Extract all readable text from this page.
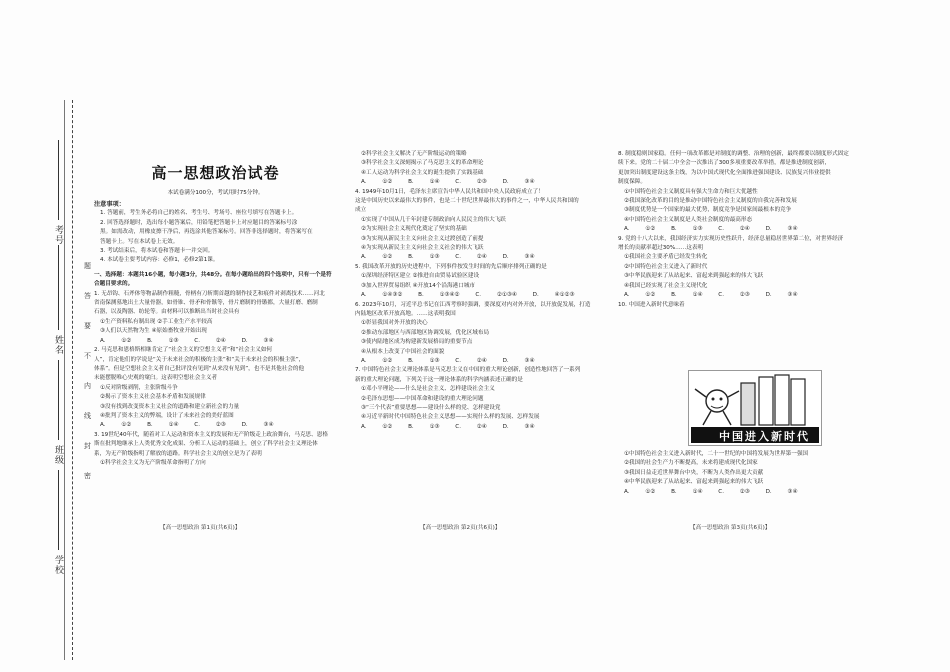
考号
姓名
班级
学校
题
答
要
不
内
线
封
密
高一思想政治试卷
本试卷满分100分，考试用时75分钟。

注意事项：

1. 答题前，考生务必将自己的姓名、考生号、考场号、座位号填写在答题卡上。

2. 回答选择题时，选出每小题答案后，用铅笔把答题卡上对应题目的答案标号涂

黑。如需改动，用橡皮擦干净后，再选涂其他答案标号。回答非选择题时，将答案写在

答题卡上。写在本试卷上无效。

3. 考试结束后，将本试卷和答题卡一并交回。

4. 本试卷主要考试内容：必修1，必修2第1课。

一、选择题：本题共16小题，每小题3分，共48分。在每小题给出的四个选项中，只有一个是符

合题目要求的。

1. 无昂钩、石斧体等物品制作粗糙，骨柄有刀斩期首越的制作技艺和痕件对剥离技术……河北

省南保测墓地出土大量骨器，如骨锥、骨矛和骨镞等，骨片磨制的骨镞都，大量打磨、磨制

石器，以及陶器、纺轮等。由材料可以推断出当时社会具有

①生产资料私有制出现 ②手工业生产水平较高

③人们以天然物为生 ④原始畜牧业开始出现

A. ①② B. ①③ C. ②④ D. ③④

2. 马克思和恩格斯相继肯定了“社会主义的空想主义者”和“社会主义如何

人”，肯定他们的学说是“关于未来社会的积极的主张”和“关于未来社会的积极主张”，

体系”。但是空想社会主义者自己批评没有见到“从来没有见到”，也不是其他社会的他

未能摆脱唯心史观的窠臼。这表明空想社会主义者

①反对阶级剥削，主张阶级斗争

②揭示了资本主义社会基本矛盾和发展规律

③没有找到改变资本主义社会的道路和建立新社会的力量

④批判了资本主义的弊端，设计了未来社会的美好蓝图

A. ①② B. ①④ C. ②③ D. ③④

3. 19世纪40年代，随着对工人运动和资本主义的发展和无产阶级走上政治舞台，马克思、恩格

斯在批判地继承上人类优秀文化成果、分析工人运动的基础上，创立了科学社会主义理论体

系，为无产阶级指明了解放的道路。科学社会主义的创立是为了表明

①科学社会主义为无产阶级革命指明了方向

【高一思想政治 第1页(共6页)】

②科学社会主义解决了无产阶级运动的策略

③科学社会主义深刻揭示了马克思主义的革命理论

④工人运动为科学社会主义的诞生提供了实践基础

A. ①② B. ①④ C. ②③ D. ③④

4. 1949年10月1日，毛泽东主席宣告中华人民共和国中央人民政府成立了！

这是中国历史以来最伟大的事件，也是二十世纪世界最伟大的事件之一，中华人民共和国的

成立

①实现了中国从几千年封建专制政治向人民民主的伟大飞跃

②为实现社会主义现代化奠定了坚实的基础

③为实现从新民主主义向社会主义过渡创造了前提

④为实现从新民主主义向社会主义社会的伟大飞跃

A. ①② B. ①③ C. ②④ D. ③④

5. 我国改革开放的历史进程中，下列事件按发生时间的先后顺序排列正确的是

①深圳经济特区建立 ②推进自由贸易试验区建设

③加入世界贸易组织 ④开放14个沿海港口城市

A. ①④③② B. ①③④② C. ②①③④ D. ④①②③

6. 2023年10月，习近平总书记在江西考察时强调，要深度对内对外开放，以开放促发展，打造

内陆地区改革开放高地。……这表明我国

①彰显我国对外开放的决心

②推动东部地区与西部地区协调发展，优化区域布局

③使内陆地区成为构建新发展格局的重要节点

④从根本上改变了中国社会的面貌

A. ①② B. ①③ C. ②④ D. ③④

7. 中国特色社会主义理论体系是马克思主义在中国的重大理论创新，创造性地回答了一系列

新的重大理论问题，下列关于这一理论体系的科学内涵表述正确的是

①邓小平理论——什么是社会主义、怎样建设社会主义

②毛泽东思想——中国革命和建设的重大理论问题

③“三个代表”重要思想——建设什么样的党、怎样建设党

④习近平新时代中国特色社会主义思想——实现什么样的发展、怎样发展

A. ①② B. ①③ C. ②④ D. ③④

【高一思想政治 第2页(共6页)】

8. 制度稳则国家稳。任何一项改革都是对制度的调整、治理的创新，最终都要以制度形式固定

续下来。党的二十届二中全会一次推出了300多项重要改革举措，都是推进制度创新，

更加突出制度建设这条主线，为以中国式现代化全面推进强国建设、民族复兴伟业提供

制度保障。

①中国特色社会主义制度具有强大生命力和巨大优越性

②我国深化改革的目的是推动中国特色社会主义制度的自我完善和发展

③制度优势是一个国家的最大优势，制度竞争是国家间最根本的竞争

④中国特色社会主义制度是人类社会制度的最高形态

A. ①② B. ①③ C. ②④ D. ③④

9. 党的十八大以来，我国经济实力实现历史性跃升，经济总量稳居世界第二位，对世界经济

增长的贡献率超过30%……这表明

①我国社会主要矛盾已经发生转化

②中国特色社会主义进入了新时代

③中华民族迎来了从站起来、富起来到强起来的伟大飞跃

④我国已经实现了社会主义现代化

A. ①② B. ①④ C. ②③ D. ③④

10. 中国进入新时代意味着

中国进入新时代

①中国特色社会主义进入新时代，二十一世纪的中国将发展为世界第一强国

②我国的社会生产力不断提高，未来将建成现代化国家

③我国日益走近世界舞台中央，不断为人类作出更大贡献

④中华民族迎来了从站起来、富起来到强起来的伟大飞跃

A. ①② B. ①④ C. ②③ D. ③④

【高一思想政治 第3页(共6页)】
